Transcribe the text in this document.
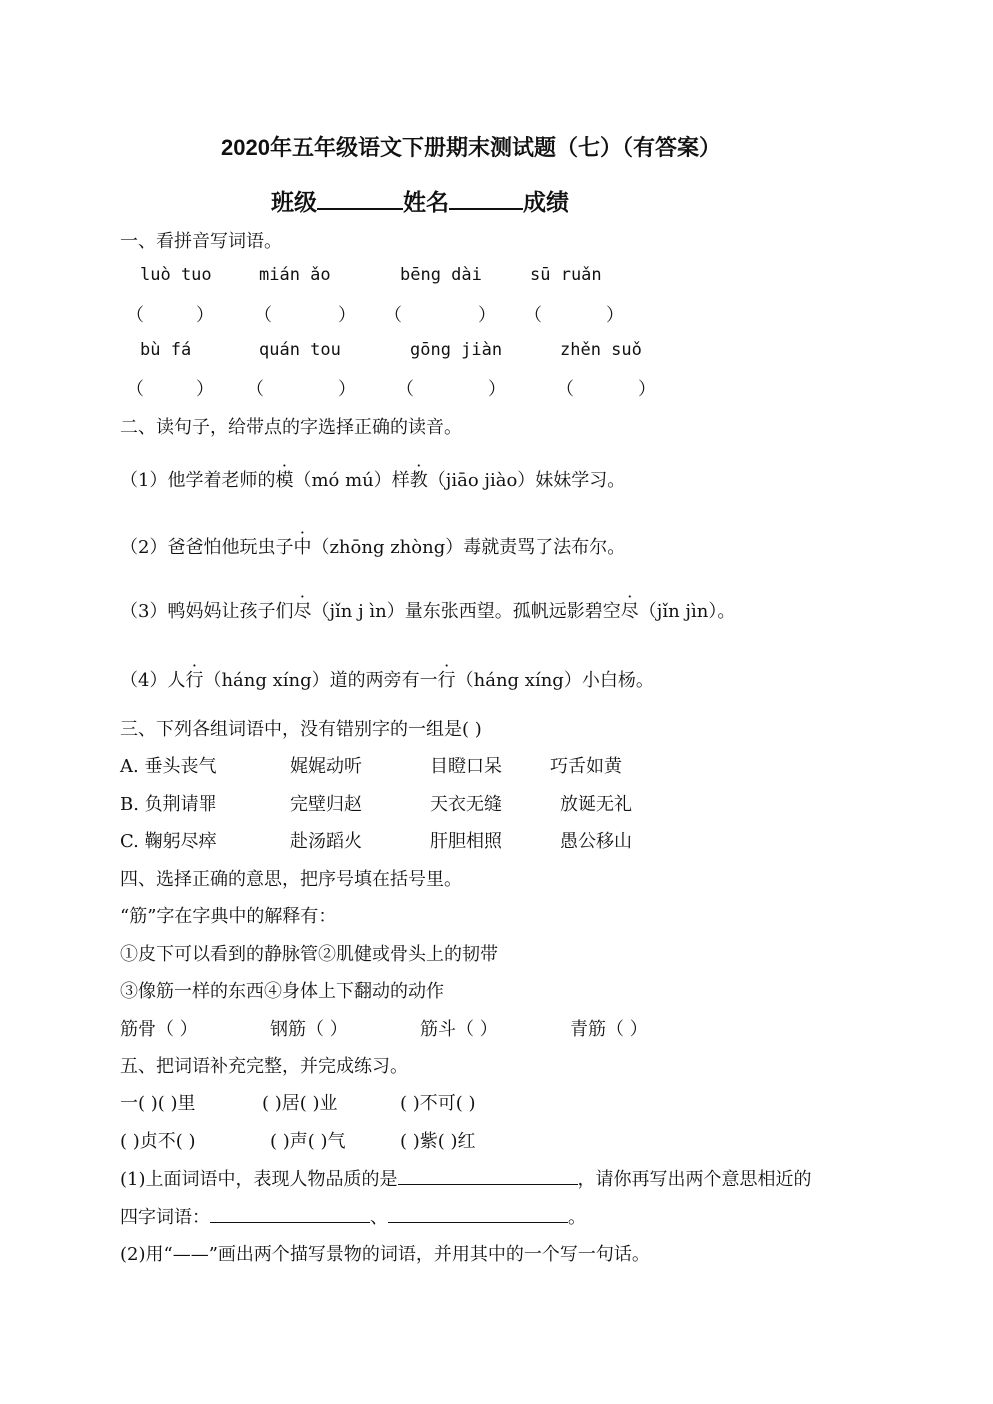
2020年五年级语文下册期末测试题（七）（有答案）
班级	姓名	成绩
一、看拼音写词语。
luò tuo	mián ǎo	bēng dài	sū ruǎn
（	） （	） （	） （	）
bù fá	quán tou	gōng jiàn	zhěn suǒ
（	） （	） （	）	（	）
二、读句子，给带点的字选择正确的读音。
（1）他学着老师的模（mó mú）样教（jiāo jiào）妹妹学习。
（2）爸爸怕他玩虫子中（zhōng zhòng）毒就责骂了法布尔。
（3）鸭妈妈让孩子们尽（jǐn j ìn）量东张西望。孤帆远影碧空尽（jǐn jìn）。
（4）人行（háng xíng）道的两旁有一行（háng xíng）小白杨。
三、下列各组词语中，没有错别字的一组是( )
A. 垂头丧气	娓娓动听	目瞪口呆	巧舌如黄
B. 负荆请罪	完壁归赵	天衣无缝	放诞无礼
C. 鞠躬尽瘁	赴汤蹈火	肝胆相照	愚公移山
四、选择正确的意思，把序号填在括号里。
“筋”字在字典中的解释有：
①皮下可以看到的静脉管②肌健或骨头上的韧带
③像筋一样的东西④身体上下翻动的动作
筋骨（ ）	钢筋（ ）	筋斗（ ）	青筋（ ）
五、把词语补充完整，并完成练习。
一( )( )里	( )居( )业	( )不可( )
( )贞不( )	( )声( )气	( )紫( )红
(1)上面词语中，表现人物品质的是	，请你再写出两个意思相近的
四字词语：	、	。
(2)用“——”画出两个描写景物的词语，并用其中的一个写一句话。
